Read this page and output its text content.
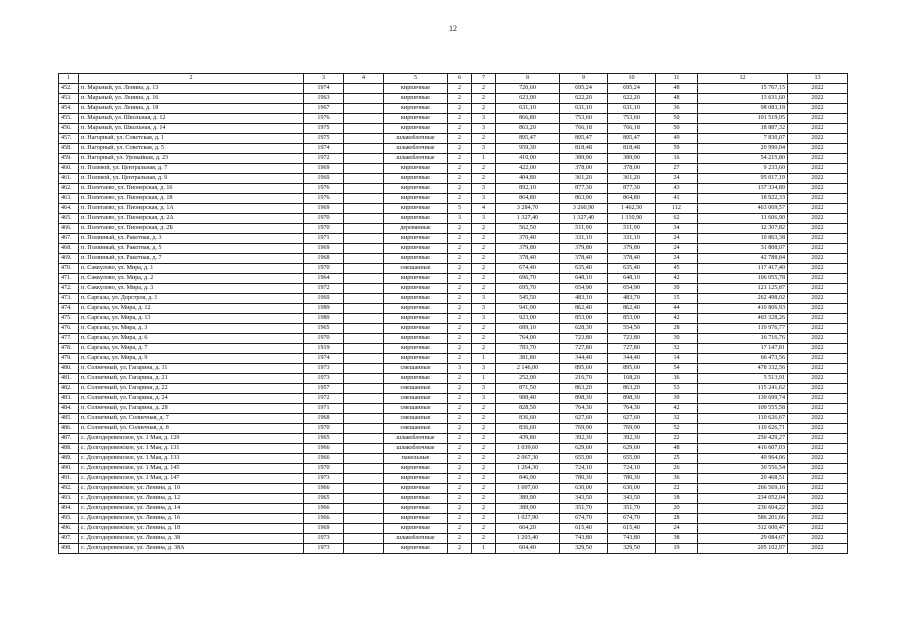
12
1	2	3	4	5	6	7	8	9	10	11	12	13
452.	п. Марьный, ул. Ленина, д. 13	1974		кирпичные	2	2	720,60	695,24	695,24	48	15 767,15	2022
453.	п. Марьный, ул. Ленина, д. 16	1963		кирпичные	2	2	623,00	622,20	622,20	48	13 631,60	2022
454.	п. Марьный, ул. Ленина, д. 18	1967		кирпичные	2	2	631,10	631,10	631,10	36	98 083,18	2022
455.	п. Марьный, ул. Школьная, д. 12	1976		кирпичные	2	3	866,80	753,60	753,60	50	101 519,05	2022
456.	п. Марьный, ул. Школьная, д. 14	1975		кирпичные	2	3	863,20	766,18	766,18	50	18 887,32	2022
457.	п. Нагорный, ул. Советская, д. 1	1975		шлакоблочные	2	2	895,47	895,47	895,47	49	7 830,07	2022
458.	п. Нагорный, ул. Советская, д. 5	1974		шлакоблочные	2	3	959,30	818,48	818,48	59	20 990,04	2022
459.	п. Нагорный, ул. Уровайная, д. 23	1972		шлакоблочные	2	1	410,00	389,90	389,90	16	54 215,80	2022
460.	п. Полевой, ул. Центральная, д. 7	1969		кирпичные	2	2	422,00	378,00	378,00	27	9 233,60	2022
461.	п. Полевой, ул. Центральная, д. 9	1969		кирпичные	2	2	404,80	361,20	361,20	24	95 017,19	2022
462.	п. Полетаево, ул. Пионерская, д. 16	1976		кирпичные	2	3	892,10	877,30	877,30	43	137 334,89	2022
463.	п. Полетаево, ул. Пионерская, д. 18	1976		кирпичные	2	3	864,80	863,90	864,80	41	18 922,33	2022
464.	п. Полетаево, ул. Пионерская, д. 1А	1969		кирпичные	5	4	3 284,70	3 260,90	1 462,50	112	463 069,57	2022
465.	п. Полетаево, ул. Пионерская, д. 2А	1970		кирпичные	3	3	1 327,40	1 327,40	1 310,90	62	11 606,90	2022
466.	п. Полетаево, ул. Пионерская, д. 2Б	1970		деревянные	2	2	562,50	511,90	511,90	34	12 307,82	2022
467.	п. Полянный, ул. Ракетная, д. 3	1971		кирпичные	2	2	370,40	331,10	331,10	24	10 863,38	2022
468.	п. Полянный, ул. Ракетная, д. 5	1969		кирпичные	2	2	379,80	379,80	379,80	24	31 808,07	2022
469.	п. Полянный, ул. Ракетная, д. 7	1968		кирпичные	2	2	378,40	378,40	378,40	24	42 788,84	2022
470.	п. Саккулово, ул. Мира, д. 1	1970		смешанные	2	2	674,40	635,40	635,40	45	117 417,40	2022
471.	п. Саккулово, ул. Мира, д. 2	1964		кирпичные	2	2	696,70	648,10	648,10	42	106 055,78	2022
472.	п. Саккулово, ул. Мира, д. 3	1972		кирпичные	2	2	695,70	654,90	654,90	30	121 125,87	2022
473.	п. Саргазы, ул. Дорстроя, д. 1	1969		кирпичные	2	3	545,50	483,10	483,70	15	262 498,02	2022
474.	п. Саргазы, ул. Мира, д. 12	1989		кирпичные	2	3	941,90	862,40	862,40	44	410 806,93	2022
475.	п. Саргазы, ул. Мира, д. 13	1989		кирпичные	2	3	923,00	853,00	853,00	42	403 328,26	2022
476.	п. Саргазы, ул. Мира, д. 3	1965		кирпичные	2	2	689,10	628,30	554,50	28	119 976,77	2022
477.	п. Саргазы, ул. Мира, д. 6	1970		кирпичные	2	2	764,00	723,80	723,80	30	16 716,76	2022
478.	п. Саргазы, ул. Мира, д. 7	1919		кирпичные	2	2	783,70	727,80	727,80	32	17 147,81	2022
479.	п. Саргазы, ул. Мира, д. 9	1974		кирпичные	2	1	381,80	344,40	344,40	14	66 473,56	2022
480.	п. Солнечный, ул. Гагарина, д. 11	1973		смешанные	3	3	2 146,00	895,60	895,60	54	478 332,56	2022
481.	п. Солнечный, ул. Гагарина, д. 21	1973		кирпичные	2	1	252,00	216,70	168,20	36	5 513,91	2022
482.	п. Солнечный, ул. Гагарина, д. 22	1957		смешанные	2	3	871,50	863,20	863,20	53	115 241,62	2022
483.	п. Солнечный, ул. Гагарина, д. 24	1972		смешанные	2	3	988,40	898,30	898,30	39	130 699,74	2022
484.	п. Солнечный, ул. Гагарина, д. 28	1971		смешанные	2	2	828,50	764,30	764,30	42	109 555,58	2022
485.	п. Солнечный, ул. Солнечная, д. 7	1968		смешанные	2	2	836,60	627,60	627,60	32	110 626,67	2022
486.	п. Солнечный, ул. Солнечная, д. 8	1970		смешанные	2	2	836,60	769,90	769,90	52	110 626,71	2022
487.	с. Долгодеревенское, ул. 1 Мая, д. 129	1965		шлакоблочные	2	2	439,80	392,30	392,30	22	250 429,27	2022
488.	с. Долгодеревенское, ул. 1 Мая, д. 131	1966		шлакоблочные	2	2	1 039,60	629,60	629,60	48	416 607,03	2022
489.	с. Долгодеревенское, ул. 1 Мая, д. 133	1966		панельные	2	2	2 067,30	655,00	655,00	25	49 964,06	2022
490.	с. Долгодеревенское, ул. 1 Мая, д. 145	1970		кирпичные	2	2	1 264,30	724,10	724,10	26	30 556,54	2022
491.	с. Долгодеревенское, ул. 1 Мая, д. 147	1973		кирпичные	2	2	846,90	780,30	780,30	36	20 468,51	2022
492.	с. Долгодеревенское, ул. Ленина, д. 10	1966		кирпичные	2	2	1 007,60	630,00	630,00	22	266 569,16	2022
493.	с. Долгодеревенское, ул. Ленина, д. 12	1965		кирпичные	2	2	389,90	343,50	343,50	18	234 052,04	2022
494.	с. Долгодеревенское, ул. Ленина, д. 14	1966		кирпичные	2	2	389,90	351,70	351,70	20	236 604,22	2022
495.	с. Долгодеревенское, ул. Ленина, д. 16	1966		кирпичные	2	2	1 027,90	674,70	674,70	28	586 201,66	2022
496.	с. Долгодеревенское, ул. Ленина, д. 18	1969		кирпичные	2	2	664,20	615,40	615,40	24	312 600,47	2022
497.	с. Долгодеревенское, ул. Ленина, д. 38	1973		шлакоблочные	2	2	1 203,40	743,80	743,80	38	29 084,67	2022
498.	с. Долгодеревенское, ул. Ленина, д. 38А	1973		кирпичные	2	1	604,40	329,50	329,50	19	205 102,97	2022
